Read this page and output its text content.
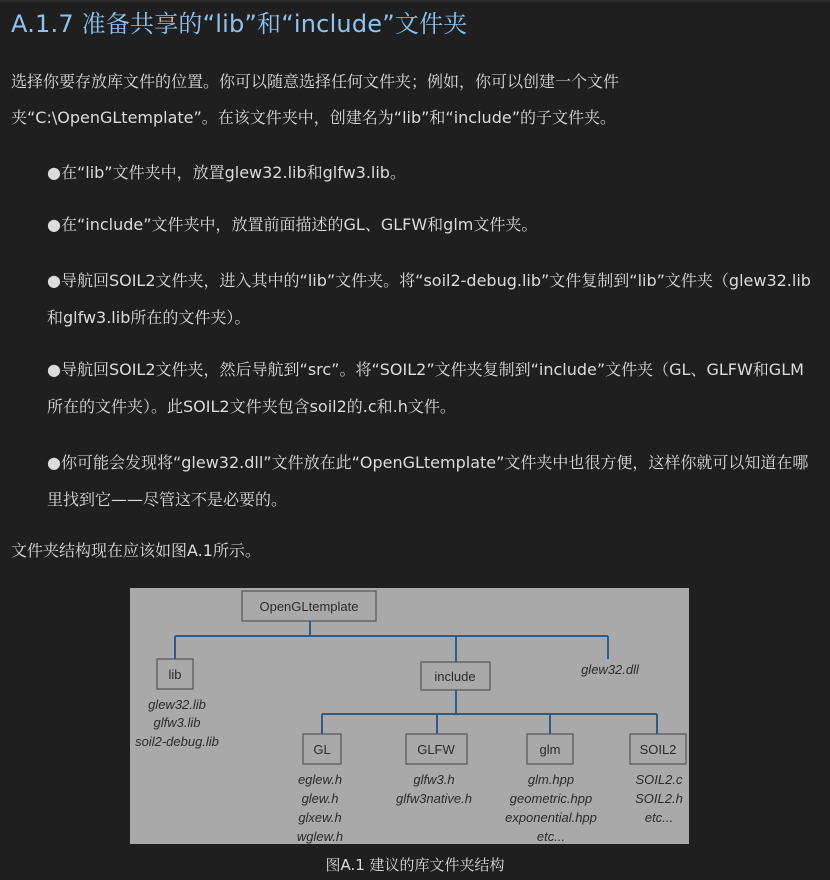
A.1.7 准备共享的“lib”和“include”文件夹

选择你要存放库文件的位置。你可以随意选择任何文件夹；例如，你可以创建一个文件夹“C:\OpenGLtemplate”。在该文件夹中，创建名为“lib”和“include”的子文件夹。

●在“lib”文件夹中，放置glew32.lib和glfw3.lib。

●在“include”文件夹中，放置前面描述的GL、GLFW和glm文件夹。

●导航回SOIL2文件夹，进入其中的“lib”文件夹。将“soil2-debug.lib”文件复制到“lib”文件夹（glew32.lib和glfw3.lib所在的文件夹）。

●导航回SOIL2文件夹，然后导航到“src”。将“SOIL2”文件夹复制到“include”文件夹（GL、GLFW和GLM所在的文件夹）。此SOIL2文件夹包含soil2的.c和.h文件。

●你可能会发现将“glew32.dll”文件放在此“OpenGLtemplate”文件夹中也很方便，这样你就可以知道在哪里找到它——尽管这不是必要的。

文件夹结构现在应该如图A.1所示。

OpenGLtemplate
lib	include
GL	GLFW	glm	SOIL2
glew32.dll
glew32.lib
glfw3.lib
soil2-debug.lib
eglew.h
glew.h
glxew.h
wglew.h
glfw3.h
glfw3native.h
glm.hpp
geometric.hpp
exponential.hpp
etc...
SOIL2.c
SOIL2.h
etc...

图A.1 建议的库文件夹结构
